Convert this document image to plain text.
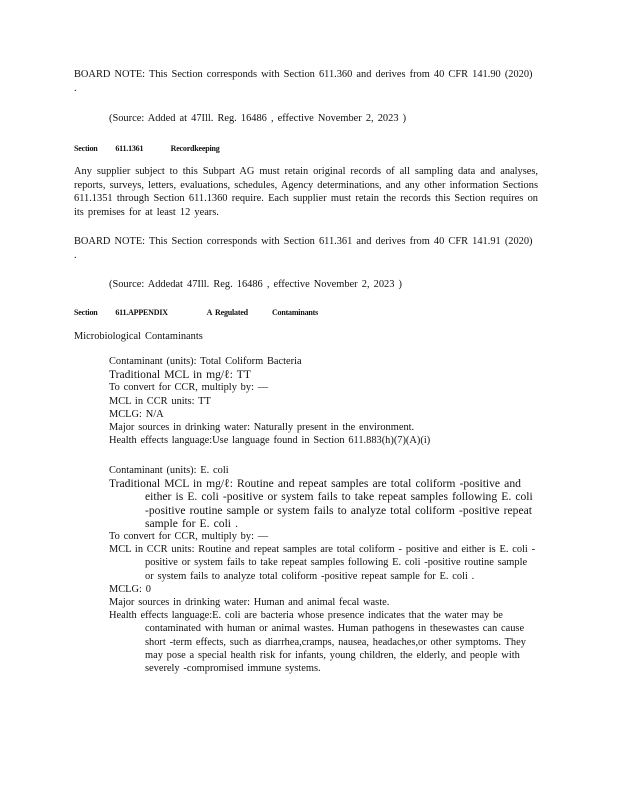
BOARD NOTE: This Section corresponds with Section 611.360 and derives from 40 CFR 141.90 (2020) .
(Source: Added at 47Ill. Reg. 16486 , effective November 2, 2023 )
Section 611.1361	Recordkeeping
Any supplier subject to this Subpart AG must retain original records of all sampling data and analyses, reports, surveys, letters, evaluations, schedules, Agency determinations, and any other information Sections 611.1351 through Section 611.1360 require. Each supplier must retain the records this Section requires on its premises for at least 12 years.
BOARD NOTE: This Section corresponds with Section 611.361 and derives from 40 CFR 141.91 (2020) .
(Source: Addedat 47Ill. Reg. 16486 , effective November 2, 2023 )
Section 611.APPENDIX	A Regulated	Contaminants
Microbiological Contaminants
Contaminant (units): Total Coliform Bacteria
Traditional MCL in mg/ℓ: TT
To convert for CCR, multiply by: —
MCL in CCR units: TT
MCLG: N/A
Major sources in drinking water: Naturally present in the environment.
Health effects language:Use language found in Section 611.883(h)(7)(A)(i)
Contaminant (units): E. coli
Traditional MCL in mg/ℓ: Routine and repeat samples are total coliform -positive and either is E. coli -positive or system fails to take repeat samples following E. coli -positive routine sample or system fails to analyze total coliform -positive repeat sample for E. coli .
To convert for CCR, multiply by: —
MCL in CCR units: Routine and repeat samples are total coliform - positive and either is E. coli -positive or system fails to take repeat samples following E. coli -positive routine sample or system fails to analyze total coliform -positive repeat sample for E. coli .
MCLG: 0
Major sources in drinking water: Human and animal fecal waste.
Health effects language:E. coli are bacteria whose presence indicates that the water may be contaminated with human or animal wastes. Human pathogens in thesewastes can cause short -term effects, such as diarrhea,cramps, nausea, headaches,or other symptoms. They may pose a special health risk for infants, young children, the elderly, and people with severely -compromised immune systems.
